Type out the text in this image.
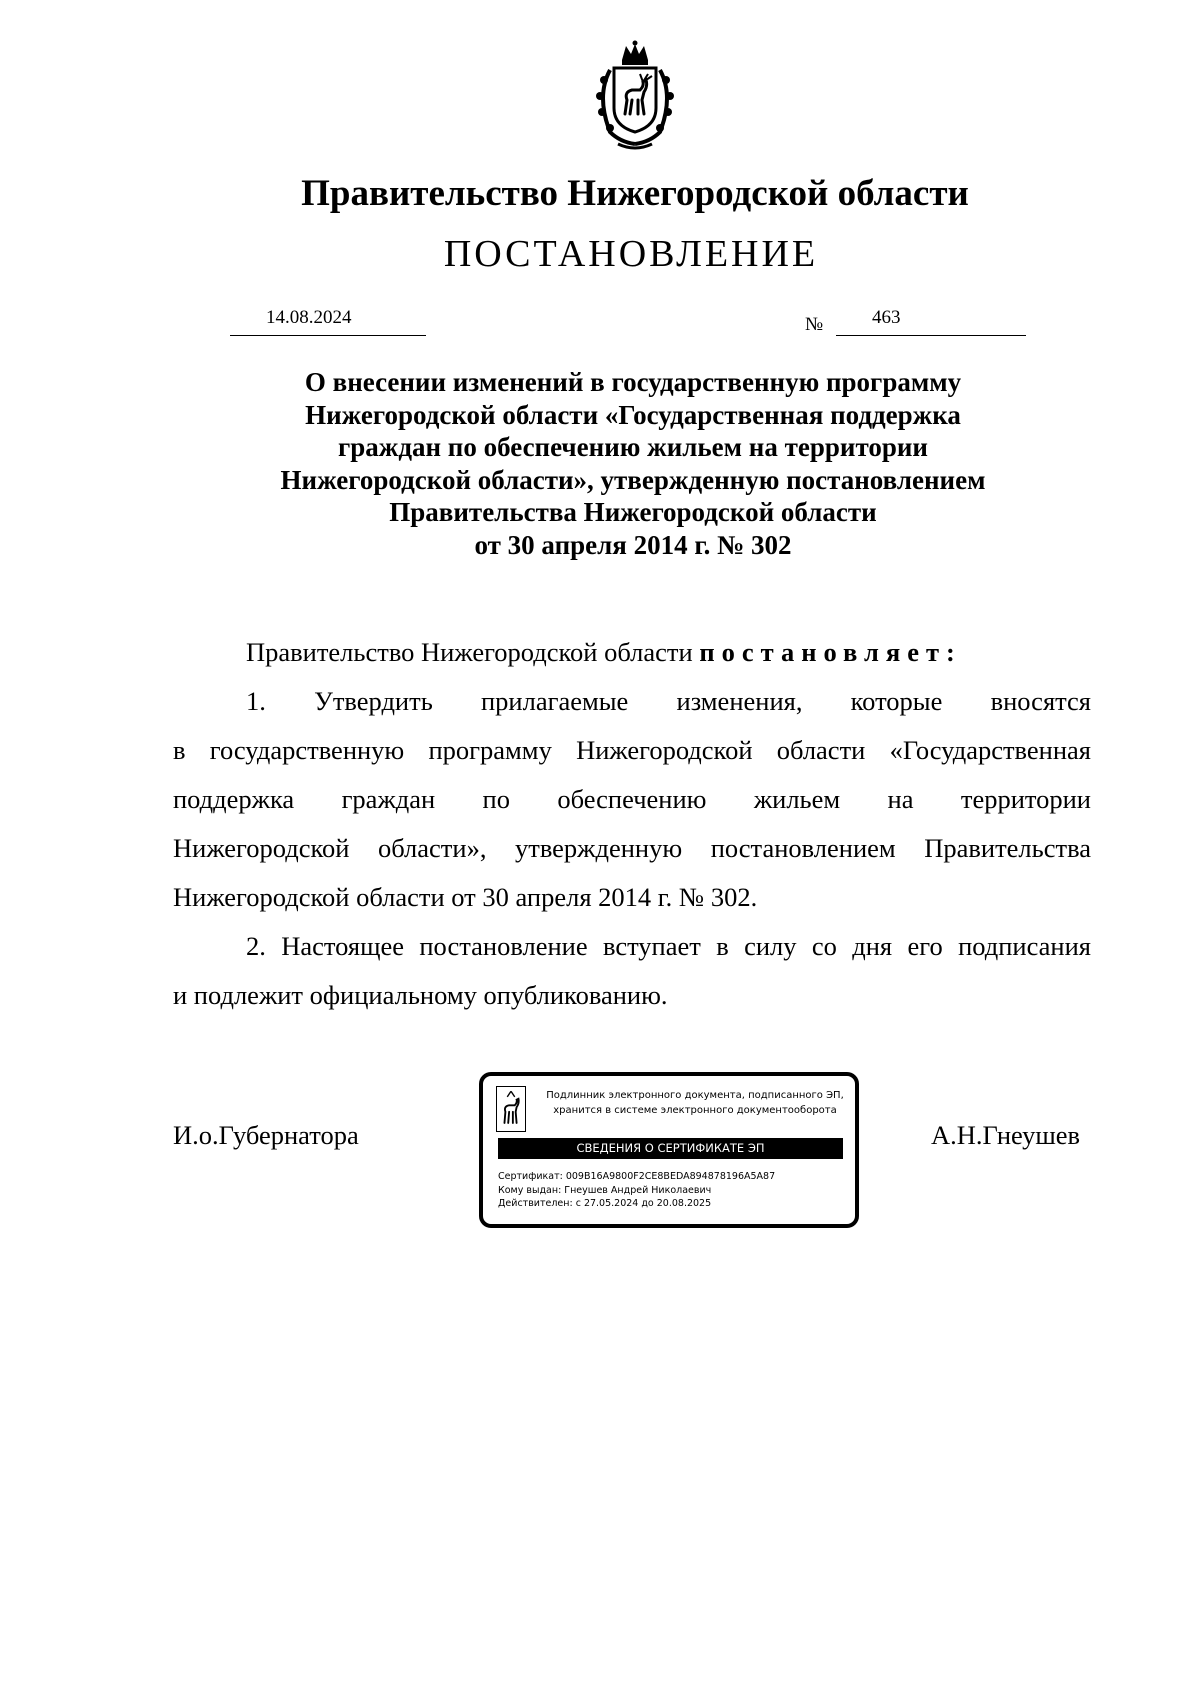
Правительство Нижегородской области
ПОСТАНОВЛЕНИЕ
14.08.2024	№	463
О внесении изменений в государственную программу
Нижегородской области «Государственная поддержка
граждан по обеспечению жильем на территории
Нижегородской области», утвержденную постановлением
Правительства Нижегородской области
от 30 апреля 2014 г. № 302
Правительство Нижегородской области постановляет:
1. Утвердить прилагаемые изменения, которые вносятся
в государственную программу Нижегородской области «Государственная
поддержка граждан по обеспечению жильем на территории
Нижегородской области», утвержденную постановлением Правительства
Нижегородской области от 30 апреля 2014 г. № 302.
2. Настоящее постановление вступает в силу со дня его подписания
и подлежит официальному опубликованию.
И.о.Губернатора	А.Н.Гнеушев
Подлинник электронного документа, подписанного ЭП,
хранится в системе электронного документооборота
СВЕДЕНИЯ О СЕРТИФИКАТЕ ЭП
Сертификат: 009B16A9800F2CE8BEDA894878196A5A87
Кому выдан: Гнеушев Андрей Николаевич
Действителен: с 27.05.2024 до 20.08.2025
